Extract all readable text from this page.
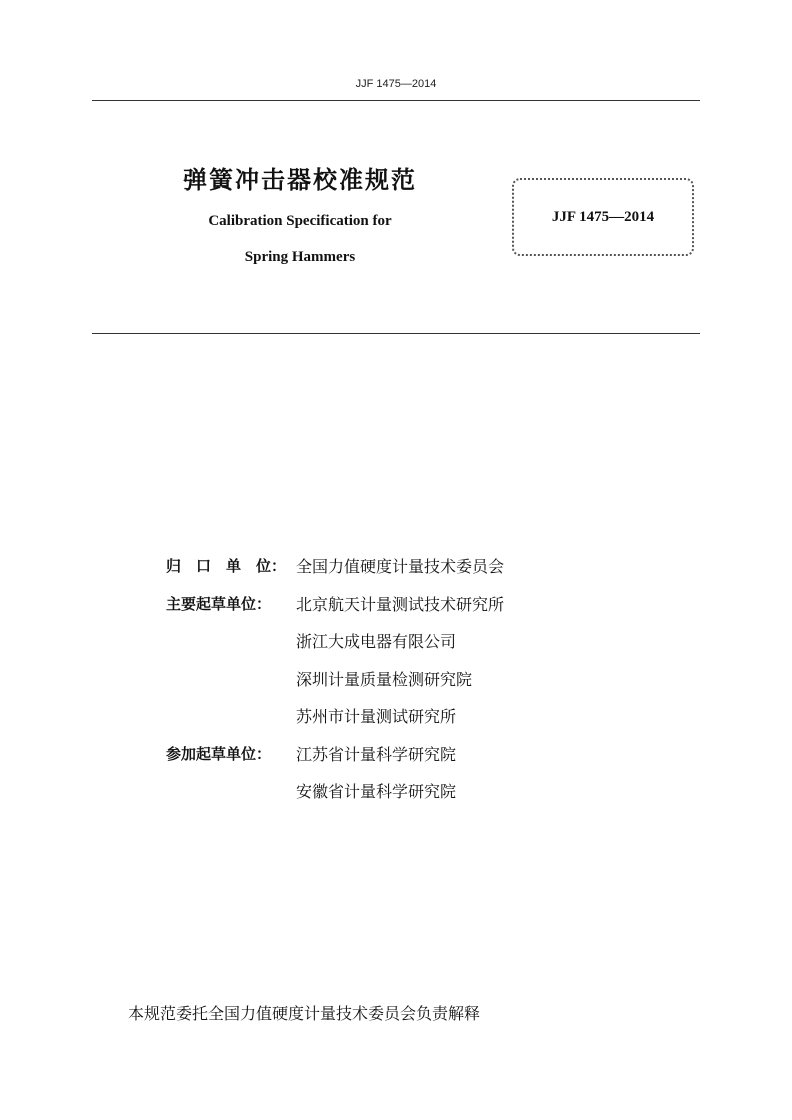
JJF 1475—2014

弹簧冲击器校准规范

Calibration Specification for

Spring Hammers

JJF 1475—2014
归　口　单　位： 全国力值硬度计量技术委员会
主要起草单位：	北京航天计量测试技术研究所
浙江大成电器有限公司
深圳计量质量检测研究院
苏州市计量测试研究所
参加起草单位：	江苏省计量科学研究院
安徽省计量科学研究院
本规范委托全国力值硬度计量技术委员会负责解释
